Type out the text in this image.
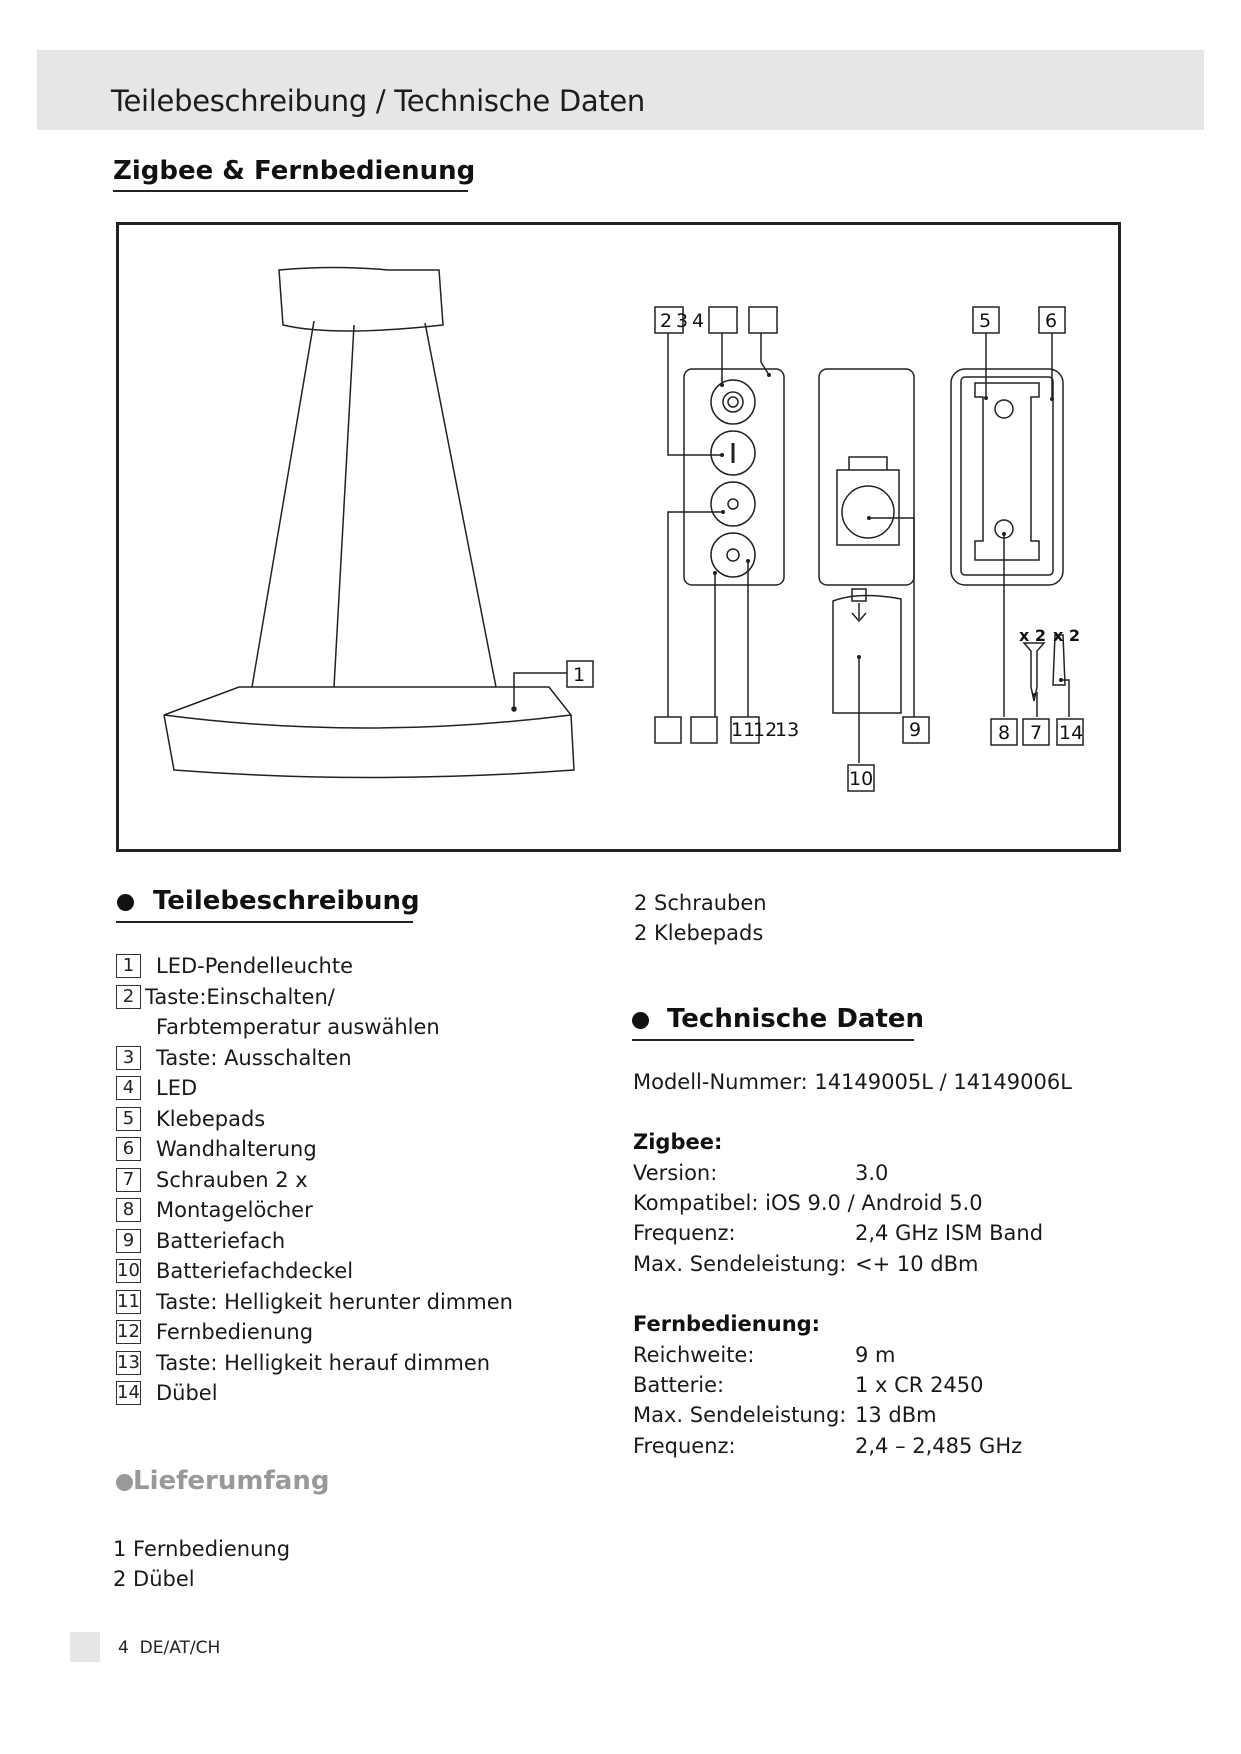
Teilebeschreibung / Technische Daten
Zigbee & Fernbedienung
1
2 3 4	5	6
7
8
9
10
11
12
13	14
x 2 x 2
Teilebeschreibung
1	LED-Pendelleuchte
2 Taste:Einschalten/
Farbtemperatur auswählen
3	Taste: Ausschalten
4	LED
5	Klebepads
6	Wandhalterung
7	Schrauben 2 x
8	Montagelöcher
9	Batteriefach
10 Batteriefachdeckel
11 Taste: Helligkeit herunter dimmen
12 Fernbedienung
13 Taste: Helligkeit herauf dimmen
14 Dübel
Lieferumfang
1 Fernbedienung
2 Dübel
2 Schrauben
2 Klebepads
Technische Daten
Modell-Nummer: 14149005L / 14149006L
Zigbee:
Version:	3.0
Kompatibel: iOS 9.0 / Android 5.0
Frequenz:	2,4 GHz ISM Band
Max. Sendeleistung: <+ 10 dBm
Fernbedienung:
Reichweite:	9 m
Batterie:	1 x CR 2450
Max. Sendeleistung: 13 dBm
Frequenz:	2,4 – 2,485 GHz
4 DE/AT/CH
